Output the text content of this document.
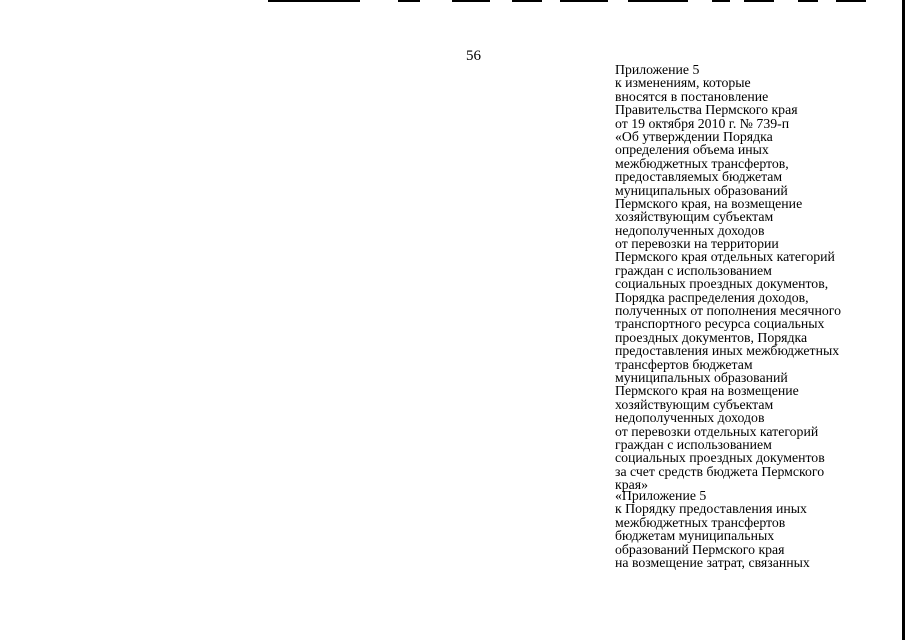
56
Приложение 5
к изменениям, которые
вносятся в постановление
Правительства Пермского края
от 19 октября 2010 г. № 739-п
«Об утверждении Порядка
определения объема иных
межбюджетных трансфертов,
предоставляемых бюджетам
муниципальных образований
Пермского края, на возмещение
хозяйствующим субъектам
недополученных доходов
от перевозки на территории
Пермского края отдельных категорий
граждан с использованием
социальных проездных документов,
Порядка распределения доходов,
полученных от пополнения месячного
транспортного ресурса социальных
проездных документов, Порядка
предоставления иных межбюджетных
трансфертов бюджетам
муниципальных образований
Пермского края на возмещение
хозяйствующим субъектам
недополученных доходов
от перевозки отдельных категорий
граждан с использованием
социальных проездных документов
за счет средств бюджета Пермского
края»
«Приложение 5
к Порядку предоставления иных
межбюджетных трансфертов
бюджетам муниципальных
образований Пермского края
на возмещение затрат, связанных
